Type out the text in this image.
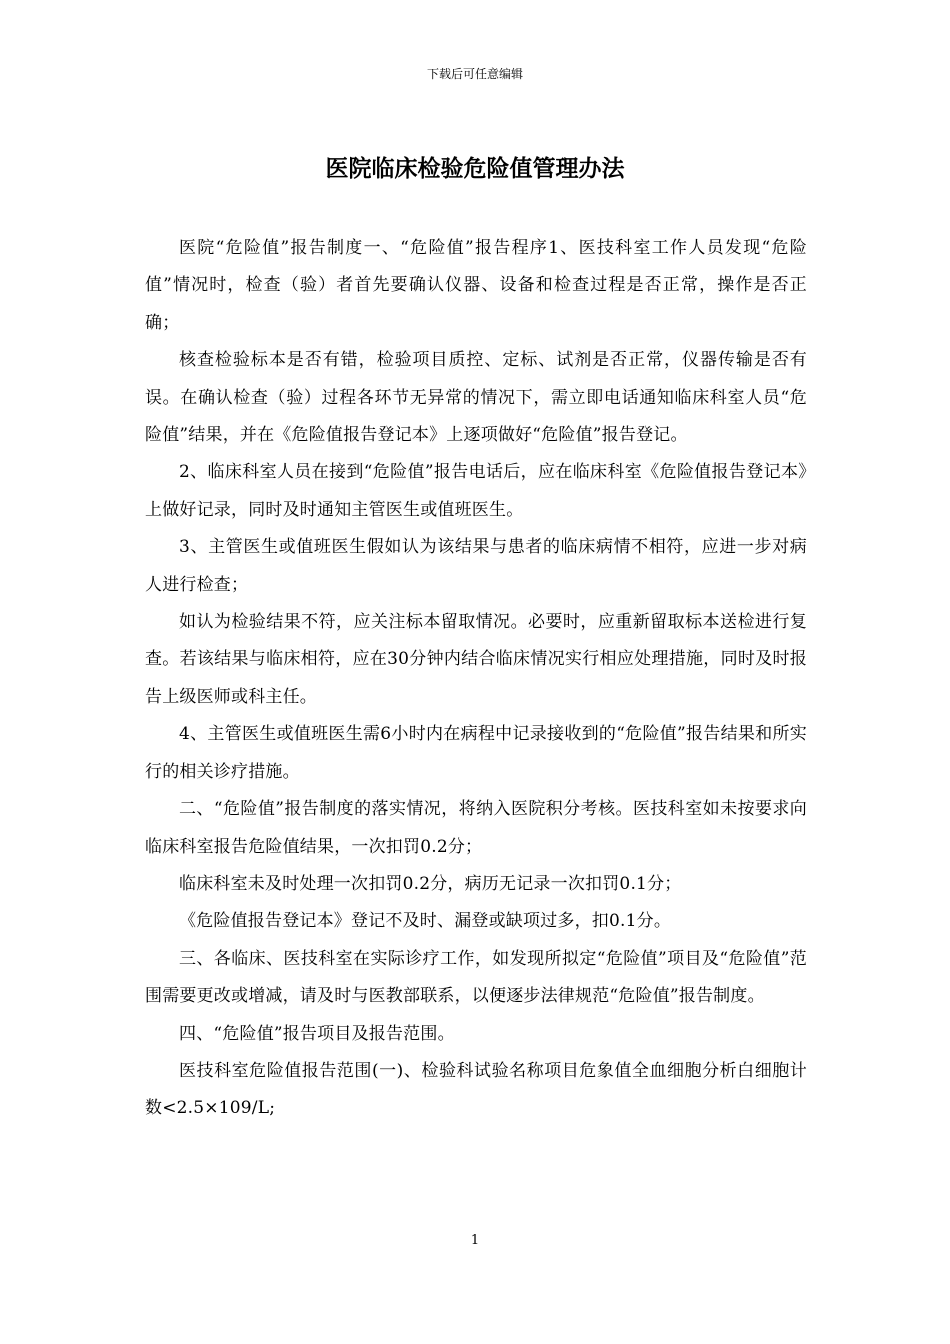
下载后可任意编辑
医院临床检验危险值管理办法

医院“危险值”报告制度一、“危险值”报告程序1、医技科室工作人员发现“危险值”情况时，检查（验）者首先要确认仪器、设备和检查过程是否正常，操作是否正确；

核查检验标本是否有错，检验项目质控、定标、试剂是否正常，仪器传输是否有误。在确认检查（验）过程各环节无异常的情况下，需立即电话通知临床科室人员“危险值”结果，并在《危险值报告登记本》上逐项做好“危险值”报告登记。

2、临床科室人员在接到“危险值”报告电话后，应在临床科室《危险值报告登记本》上做好记录，同时及时通知主管医生或值班医生。

3、主管医生或值班医生假如认为该结果与患者的临床病情不相符，应进一步对病人进行检查；

如认为检验结果不符，应关注标本留取情况。必要时，应重新留取标本送检进行复查。若该结果与临床相符，应在30分钟内结合临床情况实行相应处理措施，同时及时报告上级医师或科主任。

4、主管医生或值班医生需6小时内在病程中记录接收到的“危险值”报告结果和所实行的相关诊疗措施。

二、“危险值”报告制度的落实情况，将纳入医院积分考核。医技科室如未按要求向临床科室报告危险值结果，一次扣罚0.2分；

临床科室未及时处理一次扣罚0.2分，病历无记录一次扣罚0.1分；

《危险值报告登记本》登记不及时、漏登或缺项过多，扣0.1分。

三、各临床、医技科室在实际诊疗工作，如发现所拟定“危险值”项目及“危险值”范围需要更改或增减，请及时与医教部联系，以便逐步法律规范“危险值”报告制度。

四、“危险值”报告项目及报告范围。

医技科室危险值报告范围(一)、检验科试验名称项目危象值全血细胞分析白细胞计数<2.5×109/L;

1
